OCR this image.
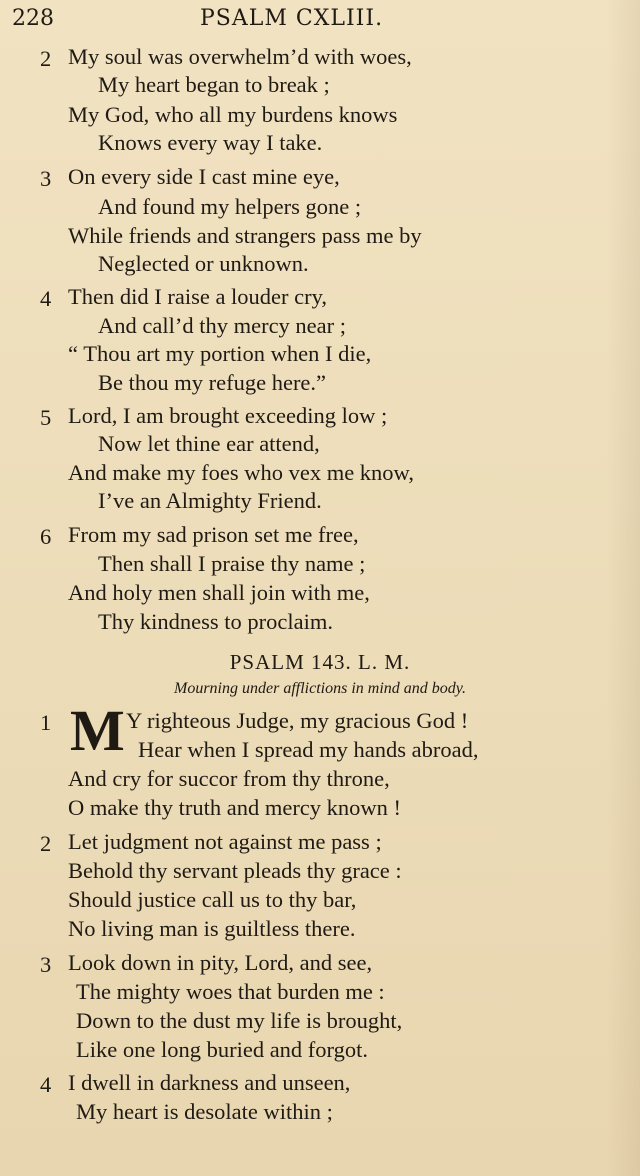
228	PSALM CXLIII.
2 My soul was overwhelm’d with woes,
My heart began to break ;
My God, who all my burdens knows
Knows every way I take.
3 On every side I cast mine eye,
And found my helpers gone ;
While friends and strangers pass me by
Neglected or unknown.
4 Then did I raise a louder cry,
And call’d thy mercy near ;
“ Thou art my portion when I die,
Be thou my refuge here.”
5 Lord, I am brought exceeding low ;
Now let thine ear attend,
And make my foes who vex me know,
I’ve an Almighty Friend.
6 From my sad prison set me free,
Then shall I praise thy name ;
And holy men shall join with me,
Thy kindness to proclaim.
PSALM 143. L. M.
Mourning under afflictions in mind and body.
1 M Y righteous Judge, my gracious God !
Hear when I spread my hands abroad,
And cry for succor from thy throne,
O make thy truth and mercy known !
2 Let judgment not against me pass ;
Behold thy servant pleads thy grace :
Should justice call us to thy bar,
No living man is guiltless there.
3 Look down in pity, Lord, and see,
The mighty woes that burden me :
Down to the dust my life is brought,
Like one long buried and forgot.
4 I dwell in darkness and unseen,
My heart is desolate within ;
